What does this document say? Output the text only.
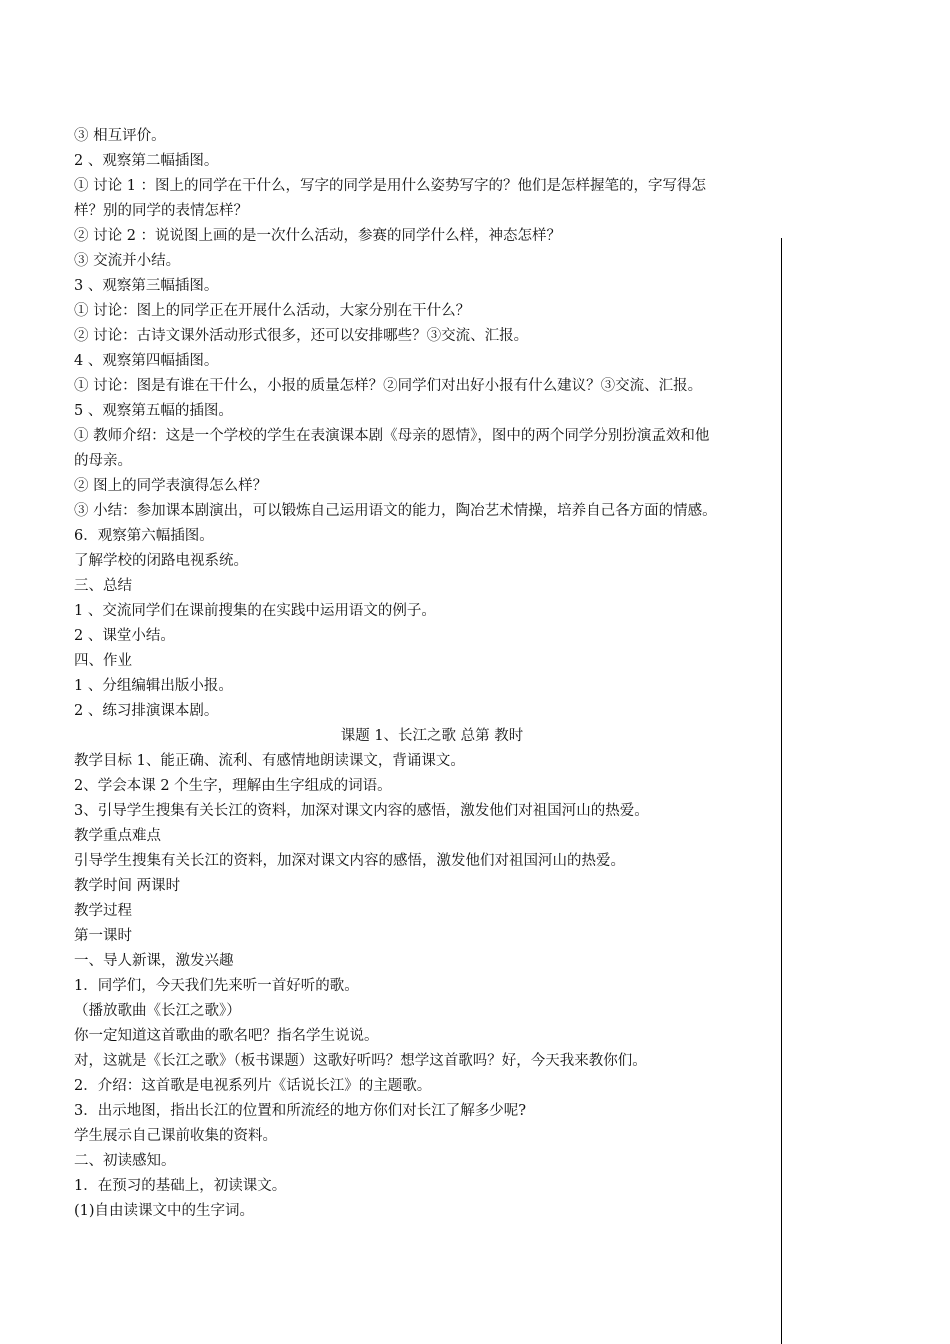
③ 相互评价。
2 、观察第二幅插图。
① 讨论 1 ：图上的同学在干什么，写字的同学是用什么姿势写字的？他们是怎样握笔的，字写得怎
样？别的同学的表情怎样？
② 讨论 2 ：说说图上画的是一次什么活动，参赛的同学什么样，神态怎样？
③ 交流并小结。
3 、观察第三幅插图。
① 讨论：图上的同学正在开展什么活动，大家分别在干什么？
② 讨论：古诗文课外活动形式很多，还可以安排哪些？③交流、汇报。
4 、观察第四幅插图。
① 讨论：图是有谁在干什么，小报的质量怎样？②同学们对出好小报有什么建议？③交流、汇报。
5 、观察第五幅的插图。
① 教师介绍：这是一个学校的学生在表演课本剧《母亲的恩情》，图中的两个同学分别扮演孟效和他
的母亲。
② 图上的同学表演得怎么样？
③ 小结：参加课本剧演出，可以锻炼自己运用语文的能力，陶冶艺术情操，培养自己各方面的情感。
6．观察第六幅插图。
了解学校的闭路电视系统。
三、总结
1 、交流同学们在课前搜集的在实践中运用语文的例子。
2 、课堂小结。
四、作业
1 、分组编辑出版小报。
2 、练习排演课本剧。
课题 1、长江之歌 总第 教时
教学目标 1、能正确、流利、有感情地朗读课文，背诵课文。
2、学会本课 2 个生字，理解由生字组成的词语。
3、引导学生搜集有关长江的资料，加深对课文内容的感悟，激发他们对祖国河山的热爱。
教学重点难点
引导学生搜集有关长江的资料，加深对课文内容的感悟，激发他们对祖国河山的热爱。
教学时间 两课时
教学过程
第一课时
一、导人新课，激发兴趣
1．同学们，今天我们先来听一首好听的歌。
（播放歌曲《长江之歌》）
你一定知道这首歌曲的歌名吧？指名学生说说。
对，这就是《长江之歌》（板书课题）这歌好听吗？想学这首歌吗？好，今天我来教你们。
2．介绍：这首歌是电视系列片《话说长江》的主题歌。
3．出示地图，指出长江的位置和所流经的地方你们对长江了解多少呢?
学生展示自己课前收集的资料。
二、初读感知。
1．在预习的基础上，初读课文。
(1)自由读课文中的生字词。
